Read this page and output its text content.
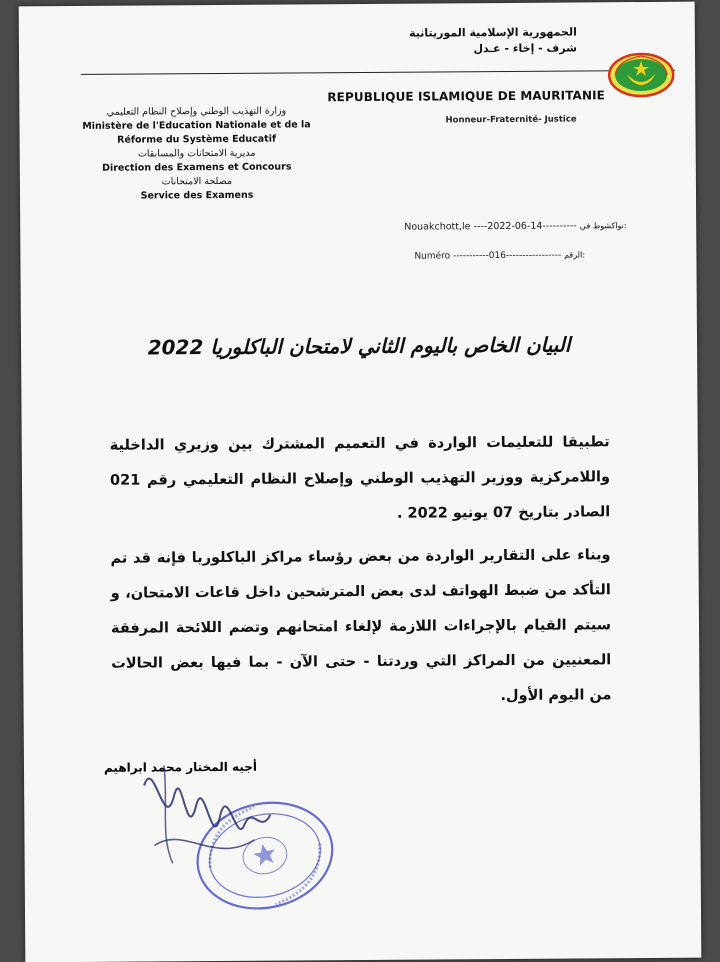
الجمهورية الإسلامية الموريتانية
شرف - إخاء - عـدل
REPUBLIQUE ISLAMIQUE DE MAURITANIE
Honneur-Fraternité- Justice
وزارة التهذيب الوطني وإصلاح النظام التعليمي
Ministère de l'Education Nationale et de la
Réforme du Système Educatif
مديرية الامتحانات والمسابقات
Direction des Examens et Concours
مصلحة الامتحانات
Service des Examens
Nouakchott,le ----2022-06-14---------- نواكشوط في:
Numéro -----------016----------------- الرقم:
البيان الخاص باليوم الثاني لامتحان الباكلوريا 2022
تطبيقا للتعليمات الواردة في التعميم المشترك بين وزيري الداخلية واللامركزية ووزير التهذيب الوطني وإصلاح النظام التعليمي رقم 021 الصادر بتاريخ 07 يونيو 2022 .
وبناء على التقارير الواردة من بعض رؤساء مراكز الباكلوريا فإنه قد تم التأكد من ضبط الهواتف لدى بعض المترشحين داخل قاعات الامتحان، و سيتم القيام بالإجراءات اللازمة لإلغاء امتحانهم وتضم اللائحة المرفقة المعنيين من المراكز التي وردتنا - حتى الآن - بما فيها بعض الحالات من اليوم الأول.
أجيه المختار محمد ابراهيم
